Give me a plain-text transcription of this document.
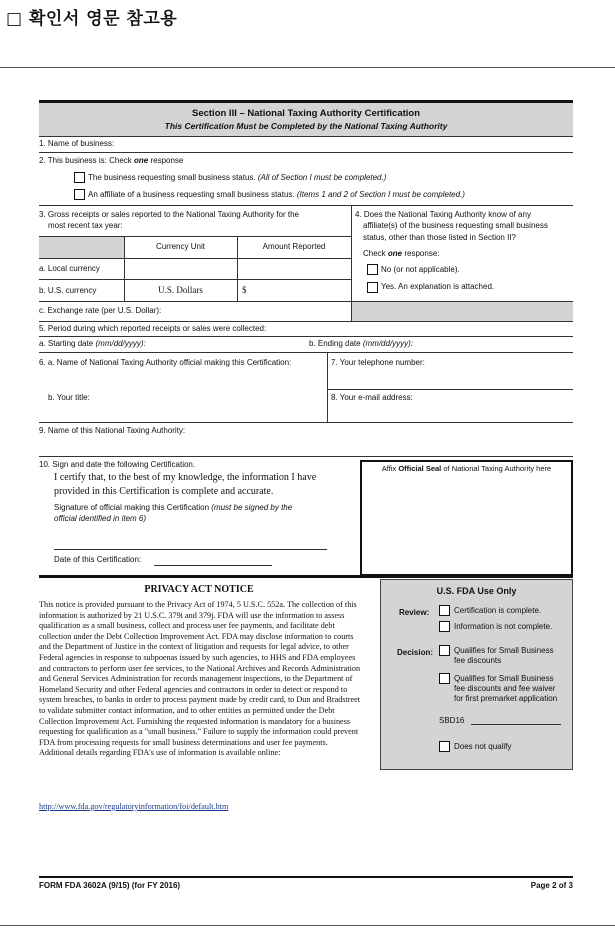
□ 확인서 영문 참고용
Section III – National Taxing Authority Certification
This Certification Must be Completed by the National Taxing Authority
1. Name of business:
2. This business is: Check one response
The business requesting small business status. (All of Section I must be completed.)
An affiliate of a business requesting small business status. (Items 1 and 2 of Section I must be completed.)
3. Gross receipts or sales reported to the National Taxing Authority for the
most recent tax year:
Currency Unit	Amount Reported
a. Local currency
b. U.S. currency	U.S. Dollars	$
c. Exchange rate (per U.S. Dollar):
4. Does the National Taxing Authority know of any
affiliate(s) of the business requesting small business
status, other than those listed in Section II?
Check one response:
No (or not applicable).
Yes. An explanation is attached.
5. Period during which reported receipts or sales were collected:
a. Starting date (mm/dd/yyyy):	b. Ending date (mm/dd/yyyy):
6. a. Name of National Taxing Authority official making this Certification:	7. Your telephone number:
b. Your title:	8. Your e-mail address:
9. Name of this National Taxing Authority:
10. Sign and date the following Certification.
I certify that, to the best of my knowledge, the information I have
provided in this Certification is complete and accurate.
Signature of official making this Certification (must be signed by the
official identified in item 6)
Date of this Certification:
Affix Official Seal of National Taxing Authority here
PRIVACY ACT NOTICE
This notice is provided pursuant to the Privacy Act of 1974, 5 U.S.C. 552a. The collection of this information is authorized by 21 U.S.C. 379i and 379j. FDA will use the information to assess qualification as a small business, collect and process user fee payments, and facilitate debt collection under the Debt Collection Improvement Act. FDA may disclose information to courts and the Department of Justice in the context of litigation and requests for legal advice, to other Federal agencies in response to subpoenas issued by such agencies, to HHS and FDA employees and contractors to perform user fee services, to the National Archives and Records Administration and General Services Administration for records management inspections, to the Department of Homeland Security and other Federal agencies and contractors in order to detect or respond to system breaches, to banks in order to process payment made by credit card, to Dun and Bradstreet to validate submitter contact information, and to other entities as permitted under the Debt Collection Improvement Act. Furnishing the requested information is mandatory for a business requesting for qualification as a "small business." Failure to supply the information could prevent FDA from processing requests for small business determinations and user fee payments. Additional details regarding FDA's use of information is available online:
http://www.fda.gov/regulatoryinformation/foi/default.htm
U.S. FDA Use Only
Review:	Certification is complete.
Information is not complete.
Decision:	Qualifies for Small Business
fee discounts
Qualifies for Small Business
fee discounts and fee waiver
for first premarket application
SBD16
Does not qualify
FORM FDA 3602A (9/15) (for FY 2016)	Page 2 of 3
